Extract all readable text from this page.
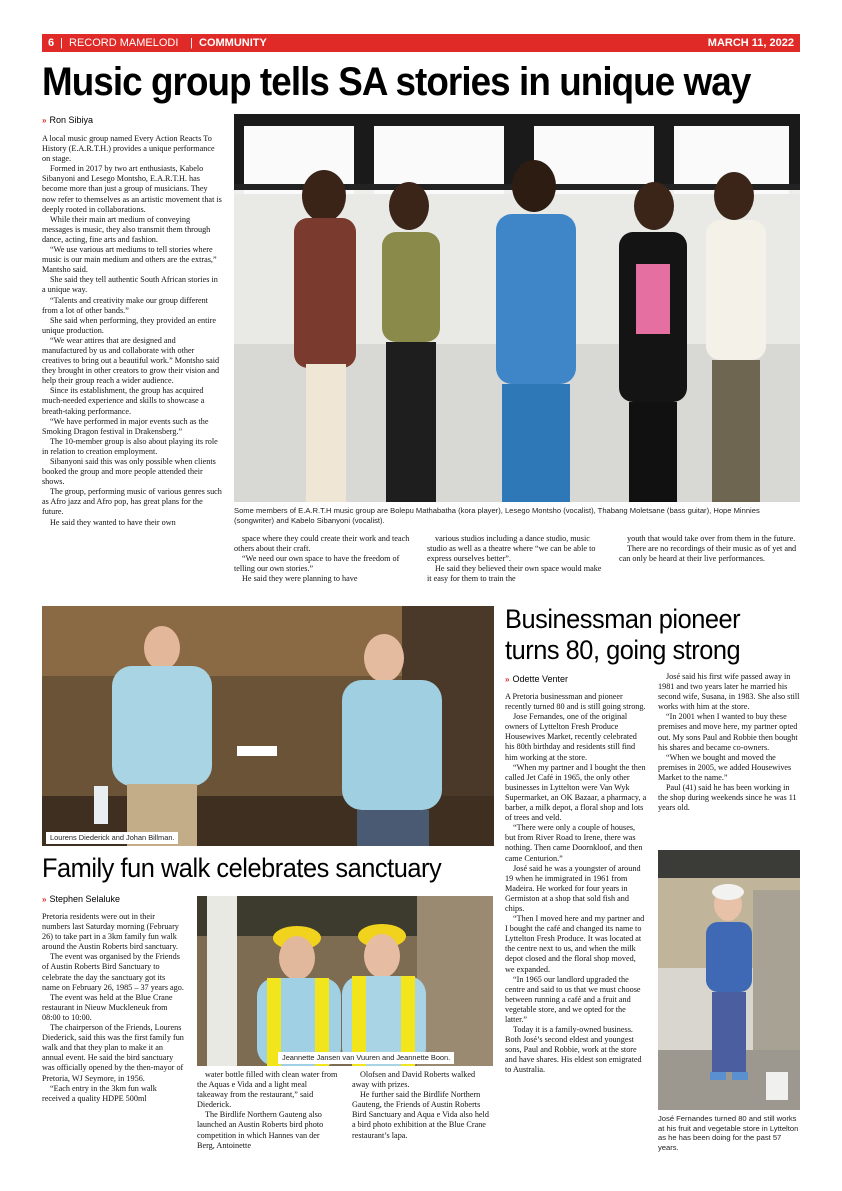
6 | RECORD MAMELODI | COMMUNITY	MARCH 11, 2022
Music group tells SA stories in unique way
» Ron Sibiya

A local music group named Every Action Reacts To History (E.A.R.T.H.) provides a unique performance on stage.

Formed in 2017 by two art enthusiasts, Kabelo Sibanyoni and Lesego Montsho, E.A.R.T.H. has become more than just a group of musicians. They now refer to themselves as an artistic movement that is deeply rooted in collaborations.

While their main art medium of conveying messages is music, they also transmit them through dance, acting, fine arts and fashion.

“We use various art mediums to tell stories where music is our main medium and others are the extras,” Mantsho said.

She said they tell authentic South African stories in a unique way.

“Talents and creativity make our group different from a lot of other bands.”

She said when performing, they provided an entire unique production.

“We wear attires that are designed and manufactured by us and collaborate with other creatives to bring out a beautiful work.” Montsho said they brought in other creators to grow their vision and help their group reach a wider audience.

Since its establishment, the group has acquired much-needed experience and skills to showcase a breath-taking performance.

“We have performed in major events such as the Smoking Dragon festival in Drakensberg.”

The 10-member group is also about playing its role in relation to creation employment.

Sibanyoni said this was only possible when clients booked the group and more people attended their shows.

The group, performing music of various genres such as Afro jazz and Afro pop, has great plans for the future.

He said they wanted to have their own

Some members of E.A.R.T.H music group are Bolepu Mathabatha (kora player), Lesego Montsho (vocalist), Thabang Moletsane (bass guitar), Hope Minnies (songwriter) and Kabelo Sibanyoni (vocalist).

space where they could create their work and teach others about their craft.

“We need our own space to have the freedom of telling our own stories.”

He said they were planning to have

various studios including a dance studio, music studio as well as a theatre where “we can be able to express ourselves better”.

He said they believed their own space would make it easy for them to train the

youth that would take over from them in the future.

There are no recordings of their music as of yet and can only be heard at their live performances.

Lourens Diederick and Johan Billman.
Family fun walk celebrates sanctuary
» Stephen Selaluke

Pretoria residents were out in their numbers last Saturday morning (February 26) to take part in a 3km family fun walk around the Austin Roberts bird sanctuary.

The event was organised by the Friends of Austin Roberts Bird Sanctuary to celebrate the day the sanctuary got its name on February 26, 1985 – 37 years ago.

The event was held at the Blue Crane restaurant in Nieuw Muckleneuk from 08:00 to 10:00.

The chairperson of the Friends, Lourens Diederick, said this was the first family fun walk and that they plan to make it an annual event. He said the bird sanctuary was officially opened by the then-mayor of Pretoria, WJ Seymore, in 1956.

“Each entry in the 3km fun walk received a quality HDPE 500ml

Jeannette Jansen van Vuuren and Jeannette Boon.

water bottle filled with clean water from the Aquas e Vida and a light meal takeaway from the restaurant,” said Diederick.

The Birdlife Northern Gauteng also launched an Austin Roberts bird photo competition in which Hannes van der Berg, Antoinette

Olofsen and David Roberts walked away with prizes.

He further said the Birdlife Northern Gauteng, the Friends of Austin Roberts Bird Sanctuary and Aqua e Vida also held a bird photo exhibition at the Blue Crane restaurant’s lapa.

Businessman pioneer
turns 80, going strong
» Odette Venter

A Pretoria businessman and pioneer recently turned 80 and is still going strong.

Jose Fernandes, one of the original owners of Lyttelton Fresh Produce Housewives Market, recently celebrated his 80th birthday and residents still find him working at the store.

“When my partner and I bought the then called Jet Café in 1965, the only other businesses in Lyttelton were Van Wyk Supermarket, an OK Bazaar, a pharmacy, a barber, a milk depot, a floral shop and lots of trees and veld.

“There were only a couple of houses, but from River Road to Irene, there was nothing. Then came Doornkloof, and then came Centurion.”

José said he was a youngster of around 19 when he immigrated in 1961 from Madeira. He worked for four years in Germiston at a shop that sold fish and chips.

“Then I moved here and my partner and I bought the café and changed its name to Lyttelton Fresh Produce. It was located at the centre next to us, and when the milk depot closed and the floral shop moved, we expanded.

“In 1965 our landlord upgraded the centre and said to us that we must choose between running a café and a fruit and vegetable store, and we opted for the latter.”

Today it is a family-owned business. Both José’s second eldest and youngest sons, Paul and Robbie, work at the store and have shares. His eldest son emigrated to Australia.

José said his first wife passed away in 1981 and two years later he married his second wife, Susana, in 1983. She also still works with him at the store.

“In 2001 when I wanted to buy these premises and move here, my partner opted out. My sons Paul and Robbie then bought his shares and became co-owners.

“When we bought and moved the premises in 2005, we added Housewives Market to the name.”

Paul (41) said he has been working in the shop during weekends since he was 11 years old.

José Fernandes turned 80 and still works at his fruit and vegetable store in Lyttelton as he has been doing for the past 57 years.
